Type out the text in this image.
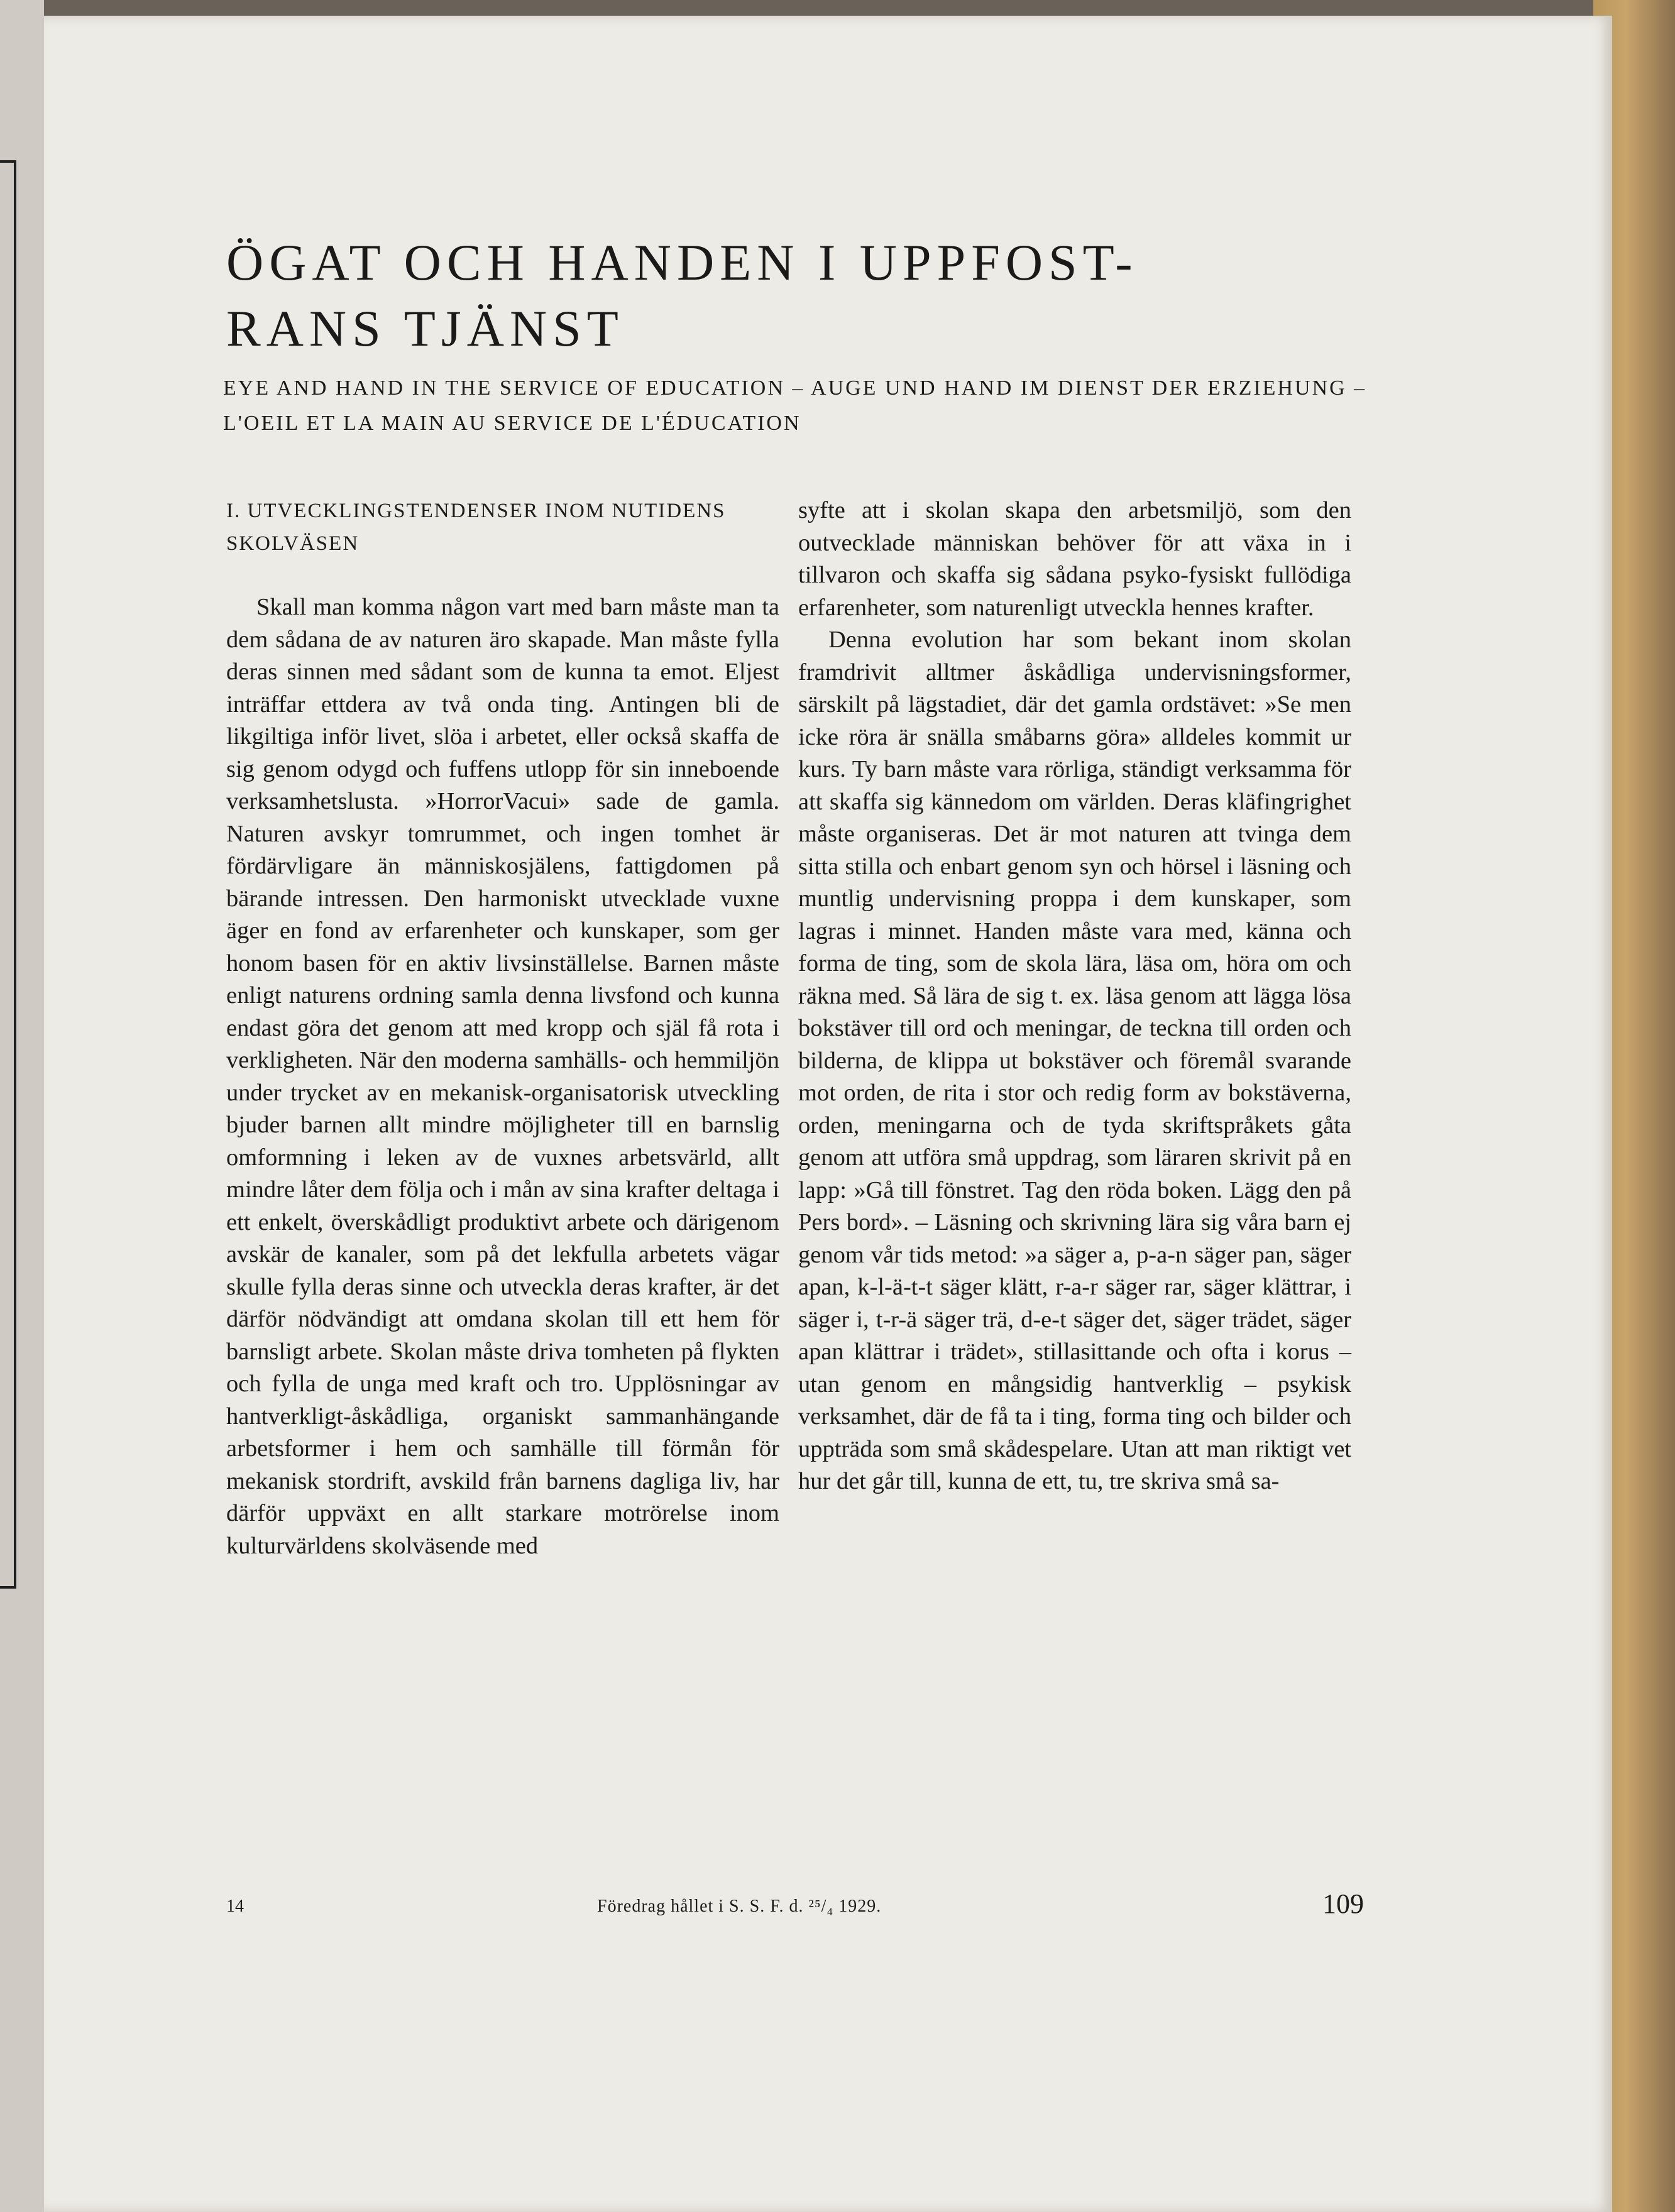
ÖGAT OCH HANDEN I UPPFOST-
RANS TJÄNST
EYE AND HAND IN THE SERVICE OF EDUCATION – AUGE UND HAND IM DIENST DER ERZIEHUNG – L'OEIL ET LA MAIN AU SERVICE DE L'ÉDUCATION

I. UTVECKLINGSTENDENSER INOM NUTIDENS SKOLVÄSEN

Skall man komma någon vart med barn måste man ta dem sådana de av naturen äro skapade. Man måste fylla deras sinnen med sådant som de kunna ta emot. Eljest inträffar ettdera av två onda ting. Antingen bli de likgiltiga inför livet, slöa i arbetet, eller också skaffa de sig genom odygd och fuffens utlopp för sin inneboende verksamhetslusta. »HorrorVacui» sade de gamla. Naturen avskyr tomrummet, och ingen tomhet är fördärvligare än människosjälens, fattigdomen på bärande intressen. Den harmoniskt utvecklade vuxne äger en fond av erfarenheter och kunskaper, som ger honom basen för en aktiv livsinställelse. Barnen måste enligt naturens ordning samla denna livsfond och kunna endast göra det genom att med kropp och själ få rota i verkligheten. När den moderna samhälls- och hemmiljön under trycket av en mekanisk-organisatorisk utveckling bjuder barnen allt mindre möjligheter till en barnslig omformning i leken av de vuxnes arbetsvärld, allt mindre låter dem följa och i mån av sina krafter deltaga i ett enkelt, överskådligt produktivt arbete och därigenom avskär de kanaler, som på det lekfulla arbetets vägar skulle fylla deras sinne och utveckla deras krafter, är det därför nödvändigt att omdana skolan till ett hem för barnsligt arbete. Skolan måste driva tomheten på flykten och fylla de unga med kraft och tro. Upplösningar av hantverkligt-åskådliga, organiskt sammanhängande arbetsformer i hem och samhälle till förmån för mekanisk stordrift, avskild från barnens dagliga liv, har därför uppväxt en allt starkare motrörelse inom kulturvärldens skolväsende med

syfte att i skolan skapa den arbetsmiljö, som den outvecklade människan behöver för att växa in i tillvaron och skaffa sig sådana psyko-fysiskt fullödiga erfarenheter, som naturenligt utveckla hennes krafter.

Denna evolution har som bekant inom skolan framdrivit alltmer åskådliga undervisningsformer, särskilt på lägstadiet, där det gamla ordstävet: »Se men icke röra är snälla småbarns göra» alldeles kommit ur kurs. Ty barn måste vara rörliga, ständigt verksamma för att skaffa sig kännedom om världen. Deras kläfingrighet måste organiseras. Det är mot naturen att tvinga dem sitta stilla och enbart genom syn och hörsel i läsning och muntlig undervisning proppa i dem kunskaper, som lagras i minnet. Handen måste vara med, känna och forma de ting, som de skola lära, läsa om, höra om och räkna med. Så lära de sig t. ex. läsa genom att lägga lösa bokstäver till ord och meningar, de teckna till orden och bilderna, de klippa ut bokstäver och föremål svarande mot orden, de rita i stor och redig form av bokstäverna, orden, meningarna och de tyda skriftspråkets gåta genom att utföra små uppdrag, som läraren skrivit på en lapp: »Gå till fönstret. Tag den röda boken. Lägg den på Pers bord». – Läsning och skrivning lära sig våra barn ej genom vår tids metod: »a säger a, p-a-n säger pan, säger apan, k-l-ä-t-t säger klätt, r-a-r säger rar, säger klättrar, i säger i, t-r-ä säger trä, d-e-t säger det, säger trädet, säger apan klättrar i trädet», stillasittande och ofta i korus – utan genom en mångsidig hantverklig – psykisk verksamhet, där de få ta i ting, forma ting och bilder och uppträda som små skådespelare. Utan att man riktigt vet hur det går till, kunna de ett, tu, tre skriva små sa-

14	Föredrag hållet i S. S. F. d. ²⁵/₄ 1929.	109
